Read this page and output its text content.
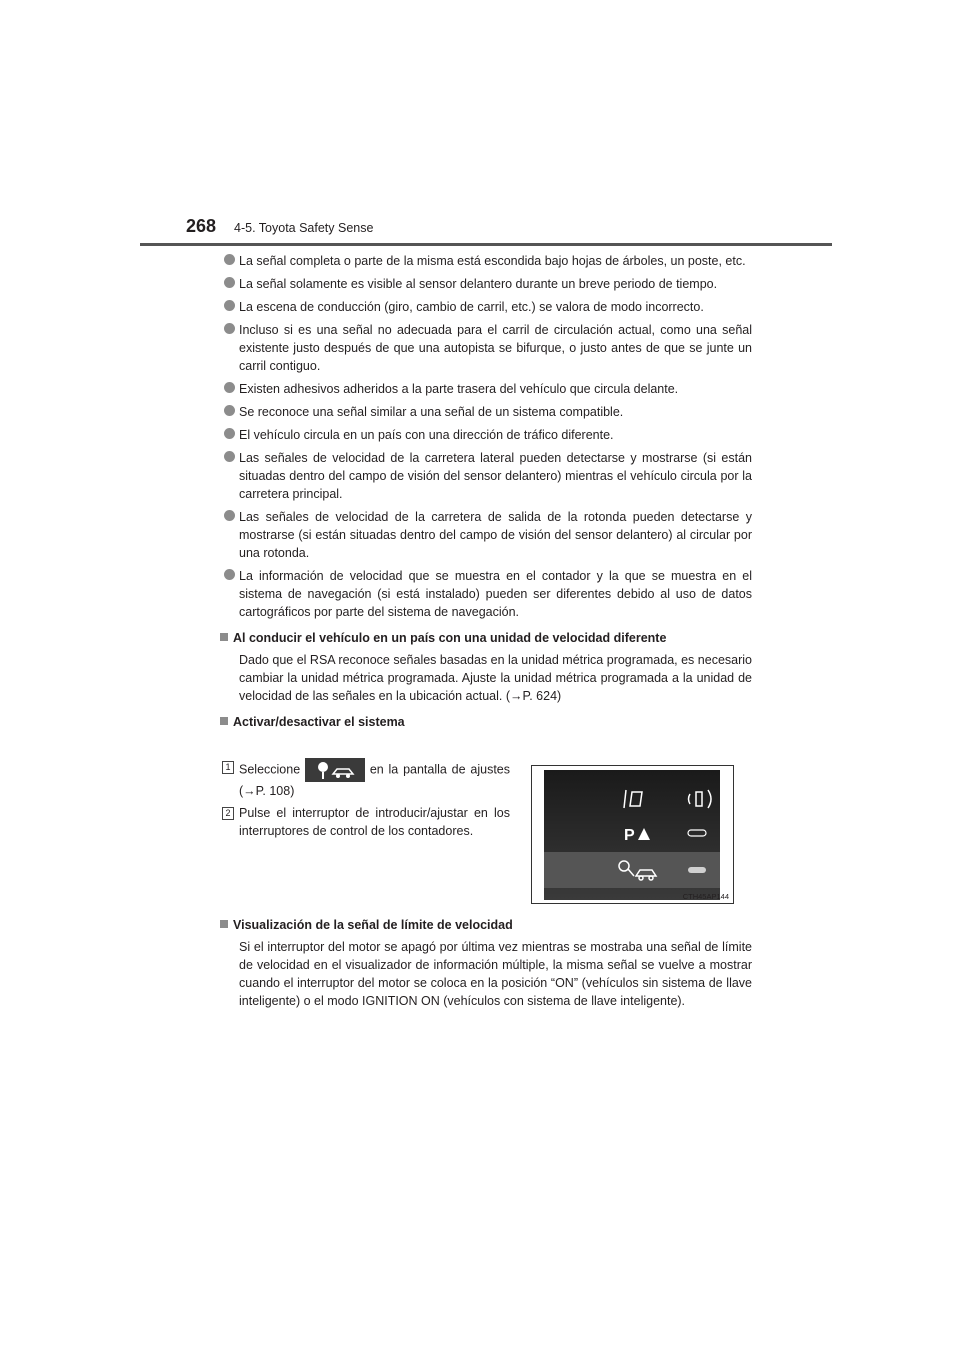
268 4-5. Toyota Safety Sense
La señal completa o parte de la misma está escondida bajo hojas de árboles, un poste, etc.
La señal solamente es visible al sensor delantero durante un breve periodo de tiempo.
La escena de conducción (giro, cambio de carril, etc.) se valora de modo incorrecto.
Incluso si es una señal no adecuada para el carril de circulación actual, como una señal existente justo después de que una autopista se bifurque, o justo antes de que se junte un carril contiguo.
Existen adhesivos adheridos a la parte trasera del vehículo que circula delante.
Se reconoce una señal similar a una señal de un sistema compatible.
El vehículo circula en un país con una dirección de tráfico diferente.
Las señales de velocidad de la carretera lateral pueden detectarse y mostrarse (si están situadas dentro del campo de visión del sensor delantero) mientras el vehículo circula por la carretera principal.
Las señales de velocidad de la carretera de salida de la rotonda pueden detectarse y mostrarse (si están situadas dentro del campo de visión del sensor delantero) al circular por una rotonda.
La información de velocidad que se muestra en el contador y la que se muestra en el sistema de navegación (si está instalado) pueden ser diferentes debido al uso de datos cartográficos por parte del sistema de navegación.
Al conducir el vehículo en un país con una unidad de velocidad diferente
Dado que el RSA reconoce señales basadas en la unidad métrica programada, es necesario cambiar la unidad métrica programada. Ajuste la unidad métrica programada a la unidad de velocidad de las señales en la ubicación actual. (→P. 624)
Activar/desactivar el sistema
1 Seleccione	en la pantalla de ajustes (→P. 108)
2 Pulse el interruptor de introducir/ajustar en los interruptores de control de los contadores.	P
CTH45AP144
Visualización de la señal de límite de velocidad
Si el interruptor del motor se apagó por última vez mientras se mostraba una señal de límite de velocidad en el visualizador de información múltiple, la misma señal se vuelve a mostrar cuando el interruptor del motor se coloca en la posición “ON” (vehículos sin sistema de llave inteligente) o el modo IGNITION ON (vehículos con sistema de llave inteligente).
